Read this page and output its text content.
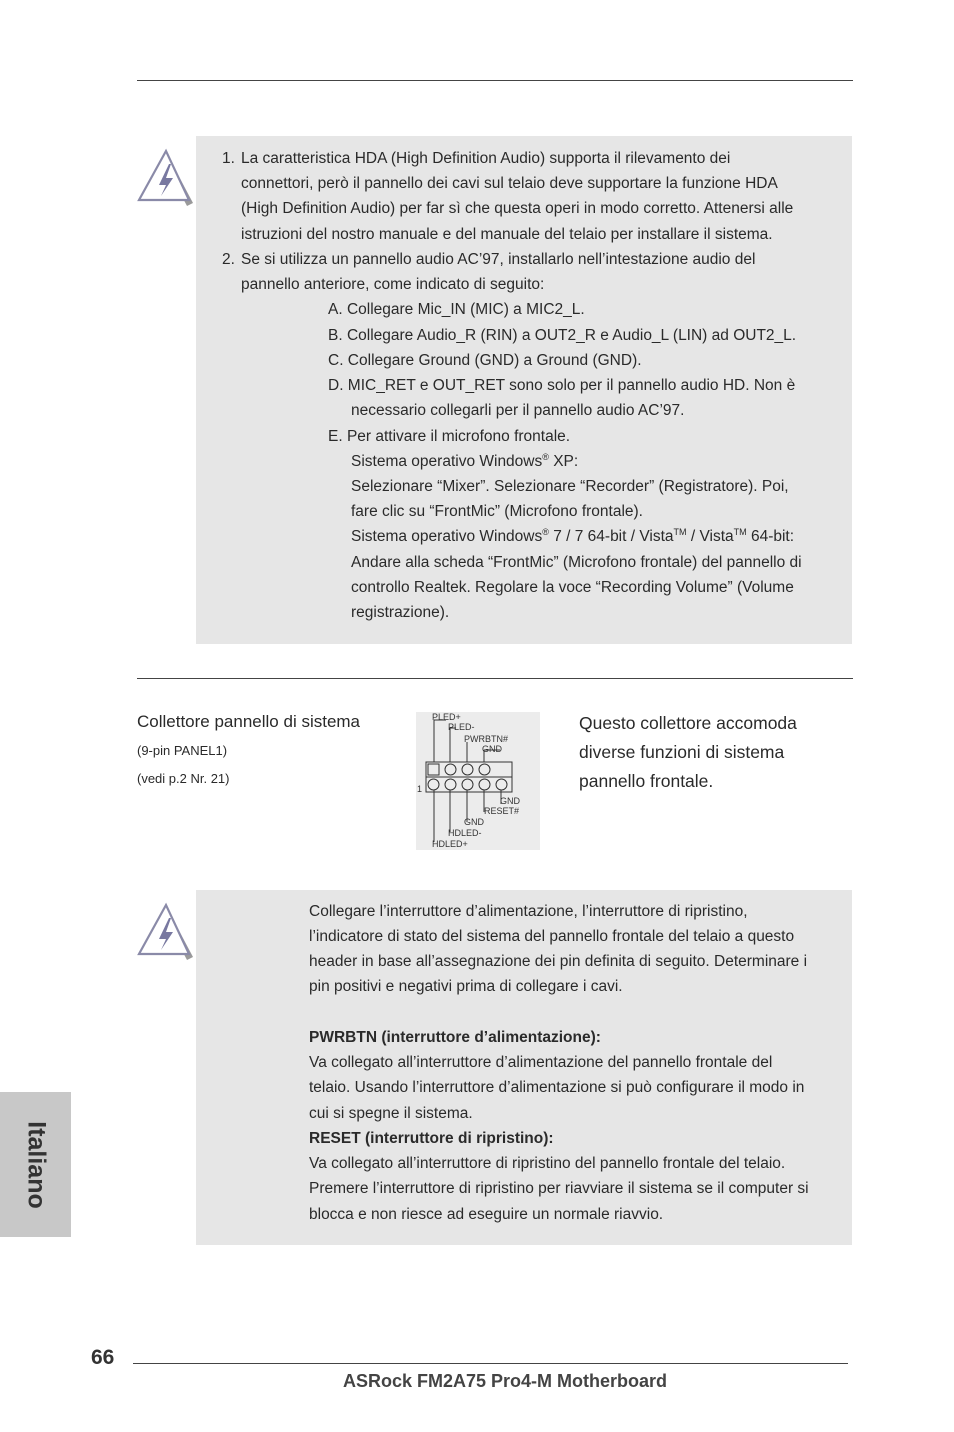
1. La caratteristica HDA (High Definition Audio) supporta il rilevamento dei
connettori, però il pannello dei cavi sul telaio deve supportare la funzione HDA
(High Definition Audio) per far sì che questa operi in modo corretto. Attenersi alle
istruzioni del nostro manuale e del manuale del telaio per installare il sistema.
2. Se si utilizza un pannello audio AC’97, installarlo nell’intestazione audio del
pannello anteriore, come indicato di seguito:
A. Collegare Mic_IN (MIC) a MIC2_L.
B. Collegare Audio_R (RIN) a OUT2_R e Audio_L (LIN) ad OUT2_L.
C. Collegare Ground (GND) a Ground (GND).
D. MIC_RET e OUT_RET sono solo per il pannello audio HD. Non è
necessario collegarli per il pannello audio AC’97.
E. Per attivare il microfono frontale.
Sistema operativo Windows® XP:
Selezionare “Mixer”. Selezionare “Recorder” (Registratore). Poi,
fare clic su “FrontMic” (Microfono frontale).
Sistema operativo Windows® 7 / 7 64-bit / Vista™ / Vista™ 64-bit:
Andare alla scheda “FrontMic” (Microfono frontale) del pannello di
controllo Realtek. Regolare la voce “Recording Volume” (Volume
registrazione).
Collettore pannello di sistema
(9-pin PANEL1)
(vedi p.2 Nr. 21)
PLED+
PLED-
PWRBTN#
GND
1
GND
RESET#
GND
HDLED-
HDLED+
Questo collettore accomoda
diverse funzioni di sistema
pannello frontale.
Collegare l’interruttore d’alimentazione, l’interruttore di ripristino,
l’indicatore di stato del sistema del pannello frontale del telaio a questo
header in base all’assegnazione dei pin definita di seguito. Determinare i
pin positivi e negativi prima di collegare i cavi.
PWRBTN (interruttore d’alimentazione):
Va collegato all’interruttore d’alimentazione del pannello frontale del
telaio. Usando l’interruttore d’alimentazione si può configurare il modo in
cui si spegne il sistema.
RESET (interruttore di ripristino):
Va collegato all’interruttore di ripristino del pannello frontale del telaio.
Premere l’interruttore di ripristino per riavviare il sistema se il computer si
blocca e non riesce ad eseguire un normale riavvio.
Italiano
66
ASRock FM2A75 Pro4-M Motherboard
